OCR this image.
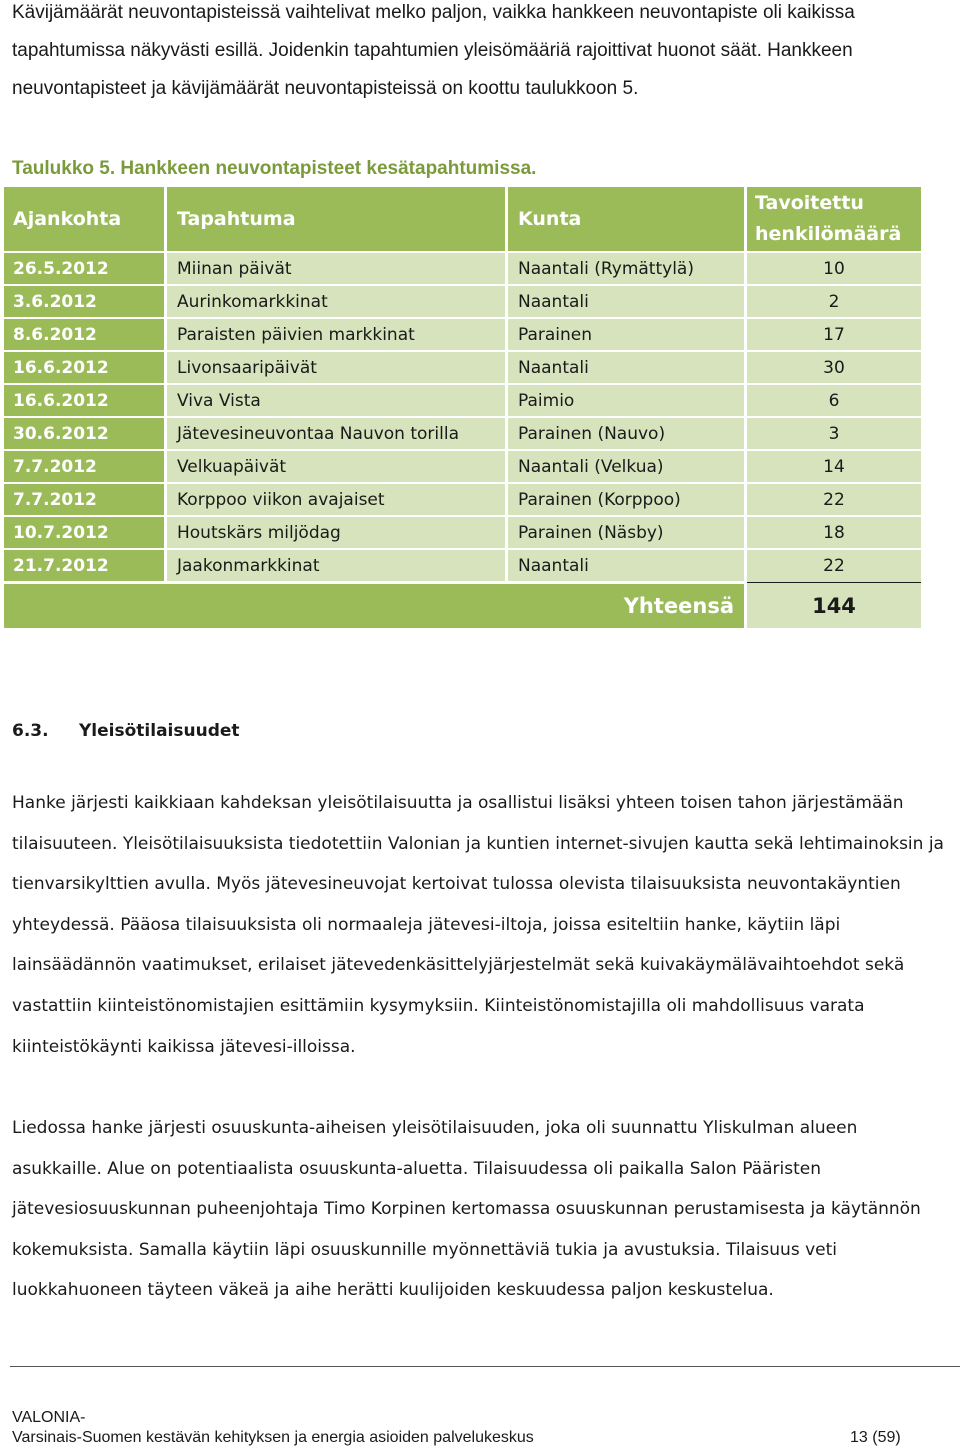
Kävijämäärät neuvontapisteissä vaihtelivat melko paljon, vaikka hankkeen neuvontapiste oli kaikissa tapahtumissa näkyvästi esillä. Joidenkin tapahtumien yleisömääriä rajoittivat huonot säät. Hankkeen neuvontapisteet ja kävijämäärät neuvontapisteissä on koottu taulukkoon 5.

Taulukko 5. Hankkeen neuvontapisteet kesätapahtumissa.

Ajankohta	Tapahtuma	Kunta	Tavoitettu
henkilömäärä
26.5.2012	Miinan päivät	Naantali (Rymättylä)	10
3.6.2012	Aurinkomarkkinat	Naantali	2
8.6.2012	Paraisten päivien markkinat	Parainen	17
16.6.2012	Livonsaaripäivät	Naantali	30
16.6.2012	Viva Vista	Paimio	6
30.6.2012	Jätevesineuvontaa Nauvon torilla	Parainen (Nauvo)	3
7.7.2012	Velkuapäivät	Naantali (Velkua)	14
7.7.2012	Korppoo viikon avajaiset	Parainen (Korppoo)	22
10.7.2012	Houtskärs miljödag	Parainen (Näsby)	18
21.7.2012	Jaakonmarkkinat	Naantali	22
Yhteensä			144

6.3. Yleisötilaisuudet

Hanke järjesti kaikkiaan kahdeksan yleisötilaisuutta ja osallistui lisäksi yhteen toisen tahon järjestämään tilaisuuteen. Yleisötilaisuuksista tiedotettiin Valonian ja kuntien internet-sivujen kautta sekä lehtimainoksin ja tienvarsikylttien avulla. Myös jätevesineuvojat kertoivat tulossa olevista tilaisuuksista neuvontakäyntien yhteydessä. Pääosa tilaisuuksista oli normaaleja jätevesi-iltoja, joissa esiteltiin hanke, käytiin läpi lainsäädännön vaatimukset, erilaiset jätevedenkäsittelyjärjestelmät sekä kuivakäymälävaihtoehdot sekä vastattiin kiinteistönomistajien esittämiin kysymyksiin. Kiinteistönomistajilla oli mahdollisuus varata kiinteistökäynti kaikissa jätevesi-illoissa.

Liedossa hanke järjesti osuuskunta-aiheisen yleisötilaisuuden, joka oli suunnattu Yliskulman alueen asukkaille. Alue on potentiaalista osuuskunta-aluetta. Tilaisuudessa oli paikalla Salon Pääristen jätevesiosuuskunnan puheenjohtaja Timo Korpinen kertomassa osuuskunnan perustamisesta ja käytännön kokemuksista. Samalla käytiin läpi osuuskunnille myönnettäviä tukia ja avustuksia. Tilaisuus veti luokkahuoneen täyteen väkeä ja aihe herätti kuulijoiden keskuudessa paljon keskustelua.

VALONIA-

Varsinais-Suomen kestävän kehityksen ja energia asioiden palvelukeskus	13 (59)
